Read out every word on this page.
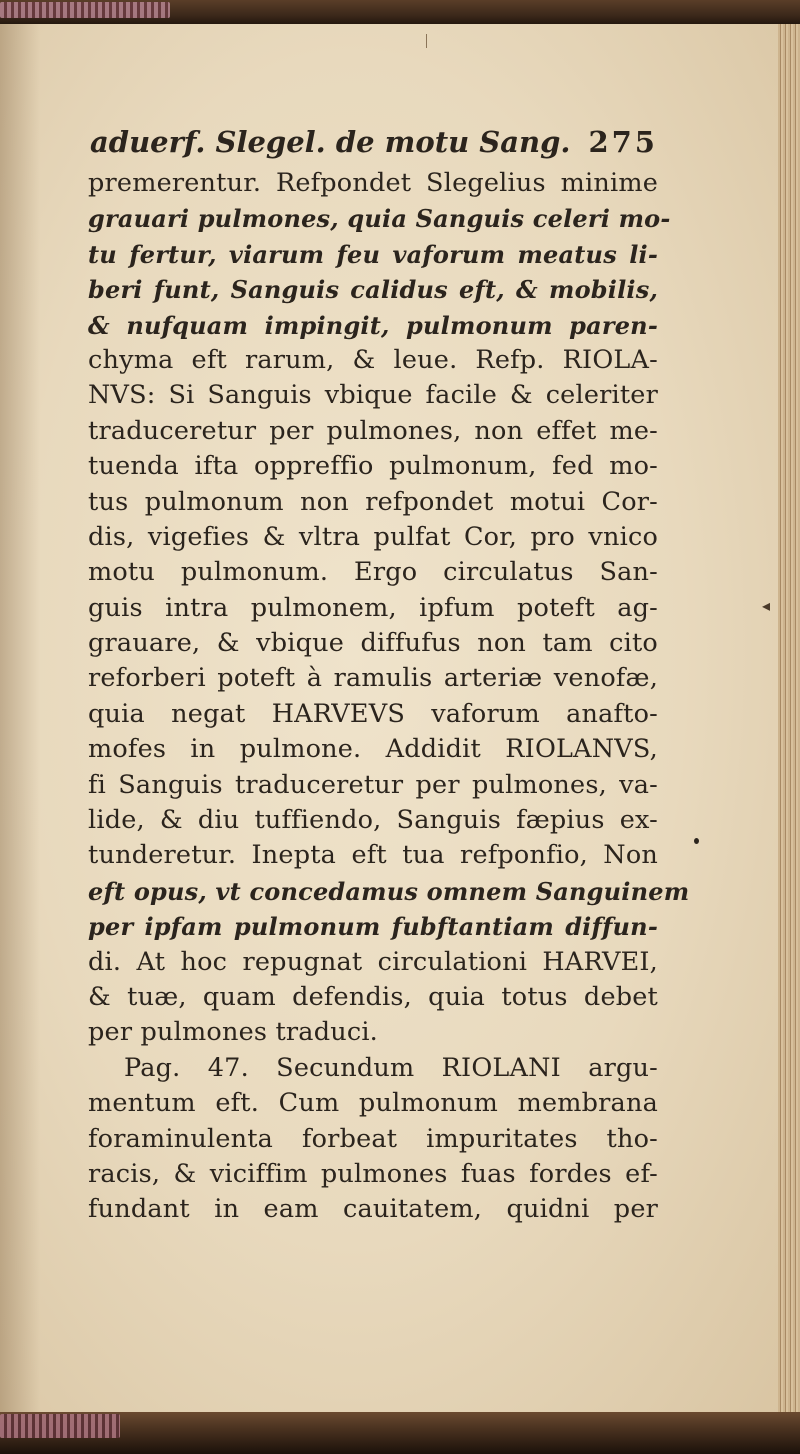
◂
aduerf. Slegel. de motu Sang. 275
premerentur. Refpondet Slegelius minime
grauari pulmones, quia Sanguis celeri mo-
tu fertur, viarum feu vaforum meatus li-
beri funt, Sanguis calidus eft, & mobilis,
& nufquam impingit, pulmonum paren-
chyma eft rarum, & leue. Refp. RIOLA-
NVS: Si Sanguis vbique facile & celeriter
traduceretur per pulmones, non effet me-
tuenda ifta oppreffio pulmonum, fed mo-
tus pulmonum non refpondet motui Cor-
dis, vigefies & vltra pulfat Cor, pro vnico
motu pulmonum. Ergo circulatus San-
guis intra pulmonem, ipfum poteft ag-
grauare, & vbique diffufus non tam cito
reforberi poteft à ramulis arteriæ venofæ,
quia negat HARVEVS vaforum anafto-
mofes in pulmone. Addidit RIOLANVS,
fi Sanguis traduceretur per pulmones, va-
lide, & diu tuffiendo, Sanguis fæpius ex-
tunderetur. Inepta eft tua refponfio, Non
eft opus, vt concedamus omnem Sanguinem
per ipfam pulmonum fubftantiam diffun-
di. At hoc repugnat circulationi HARVEI,
& tuæ, quam defendis, quia totus debet
per pulmones traduci.
Pag. 47. Secundum RIOLANI argu-
mentum eft. Cum pulmonum membrana
foraminulenta forbeat impuritates tho-
racis, & viciffim pulmones fuas fordes ef-
fundant in eam cauitatem, quidni per
